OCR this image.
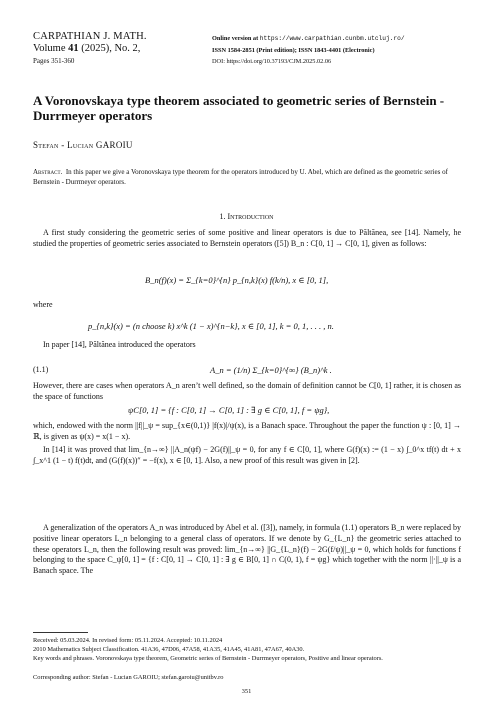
CARPATHIAN J. MATH.
Volume 41 (2025), No. 2,
Pages 351-360
Online version at https://www.carpathian.cunbm.utcluj.ro/
ISSN 1584-2851 (Print edition); ISSN 1843-4401 (Electronic)
DOI: https://doi.org/10.37193/CJM.2025.02.06
A Voronovskaya type theorem associated to geometric series of Bernstein - Durrmeyer operators
Stefan - Lucian GAROIU
Abstract. In this paper we give a Voronovskaya type theorem for the operators introduced by U. Abel, which are defined as the geometric series of Bernstein - Durrmeyer operators.
1. Introduction
A first study considering the geometric series of some positive and linear operators is due to Păltănea, see [14]. Namely, he studied the properties of geometric series associated to Bernstein operators ([5]) B_n : C[0, 1] → C[0, 1], given as follows:
B_n(f)(x) = Σ_{k=0}^{n} p_{n,k}(x) f(k/n), x ∈ [0, 1],
where
p_{n,k}(x) = (n choose k) x^k (1 − x)^{n−k}, x ∈ [0, 1], k = 0, 1, . . . , n.
In paper [14], Păltănea introduced the operators
(1.1)	A_n = (1/n) Σ_{k=0}^{∞} (B_n)^k .
However, there are cases when operators A_n aren’t well defined, so the domain of definition cannot be C[0, 1] rather, it is chosen as the space of functions
ψC[0, 1] = {f : C[0, 1] → C[0, 1] : ∃ g ∈ C[0, 1], f = ψg},
which, endowed with the norm ||f||_ψ = sup_{x∈(0,1)} |f(x)|/ψ(x), is a Banach space. Throughout the paper the function ψ : [0, 1] → ℝ, is given as ψ(x) = x(1 − x).
In [14] it was proved that lim_{n→∞} ||A_n(ψf) − 2G(f)||_ψ = 0, for any f ∈ C[0, 1], where G(f)(x) := (1 − x) ∫_0^x tf(t) dt + x ∫_x^1 (1 − t) f(t)dt, and (G(f)(x))″ = −f(x), x ∈ [0, 1]. Also, a new proof of this result was given in [2].
A generalization of the operators A_n was introduced by Abel et al. ([3]), namely, in formula (1.1) operators B_n were replaced by positive linear operators L_n belonging to a general class of operators. If we denote by G_{L_n} the geometric series attached to these operators L_n, then the following result was proved: lim_{n→∞} ||G_{L_n}(f) − 2G(f/ψ)||_ψ = 0, which holds for functions f belonging to the space C_ψ[0, 1] = {f : C[0, 1] → C[0, 1] : ∃ g ∈ B[0, 1] ∩ C(0, 1), f = ψg} which together with the norm ||·||_ψ is a Banach space. The
Received: 05.03.2024. In revised form: 05.11.2024. Accepted: 10.11.2024
2010 Mathematics Subject Classification. 41A36, 47D06, 47A58, 41A35, 41A45, 41A81, 47A67, 40A30.
Key words and phrases. Voronovskaya type theorem, Geometric series of Bernstein - Durrmeyer operators, Positive and linear operators.
Corresponding author: Stefan - Lucian GAROIU; stefan.garoiu@unitbv.ro
351
